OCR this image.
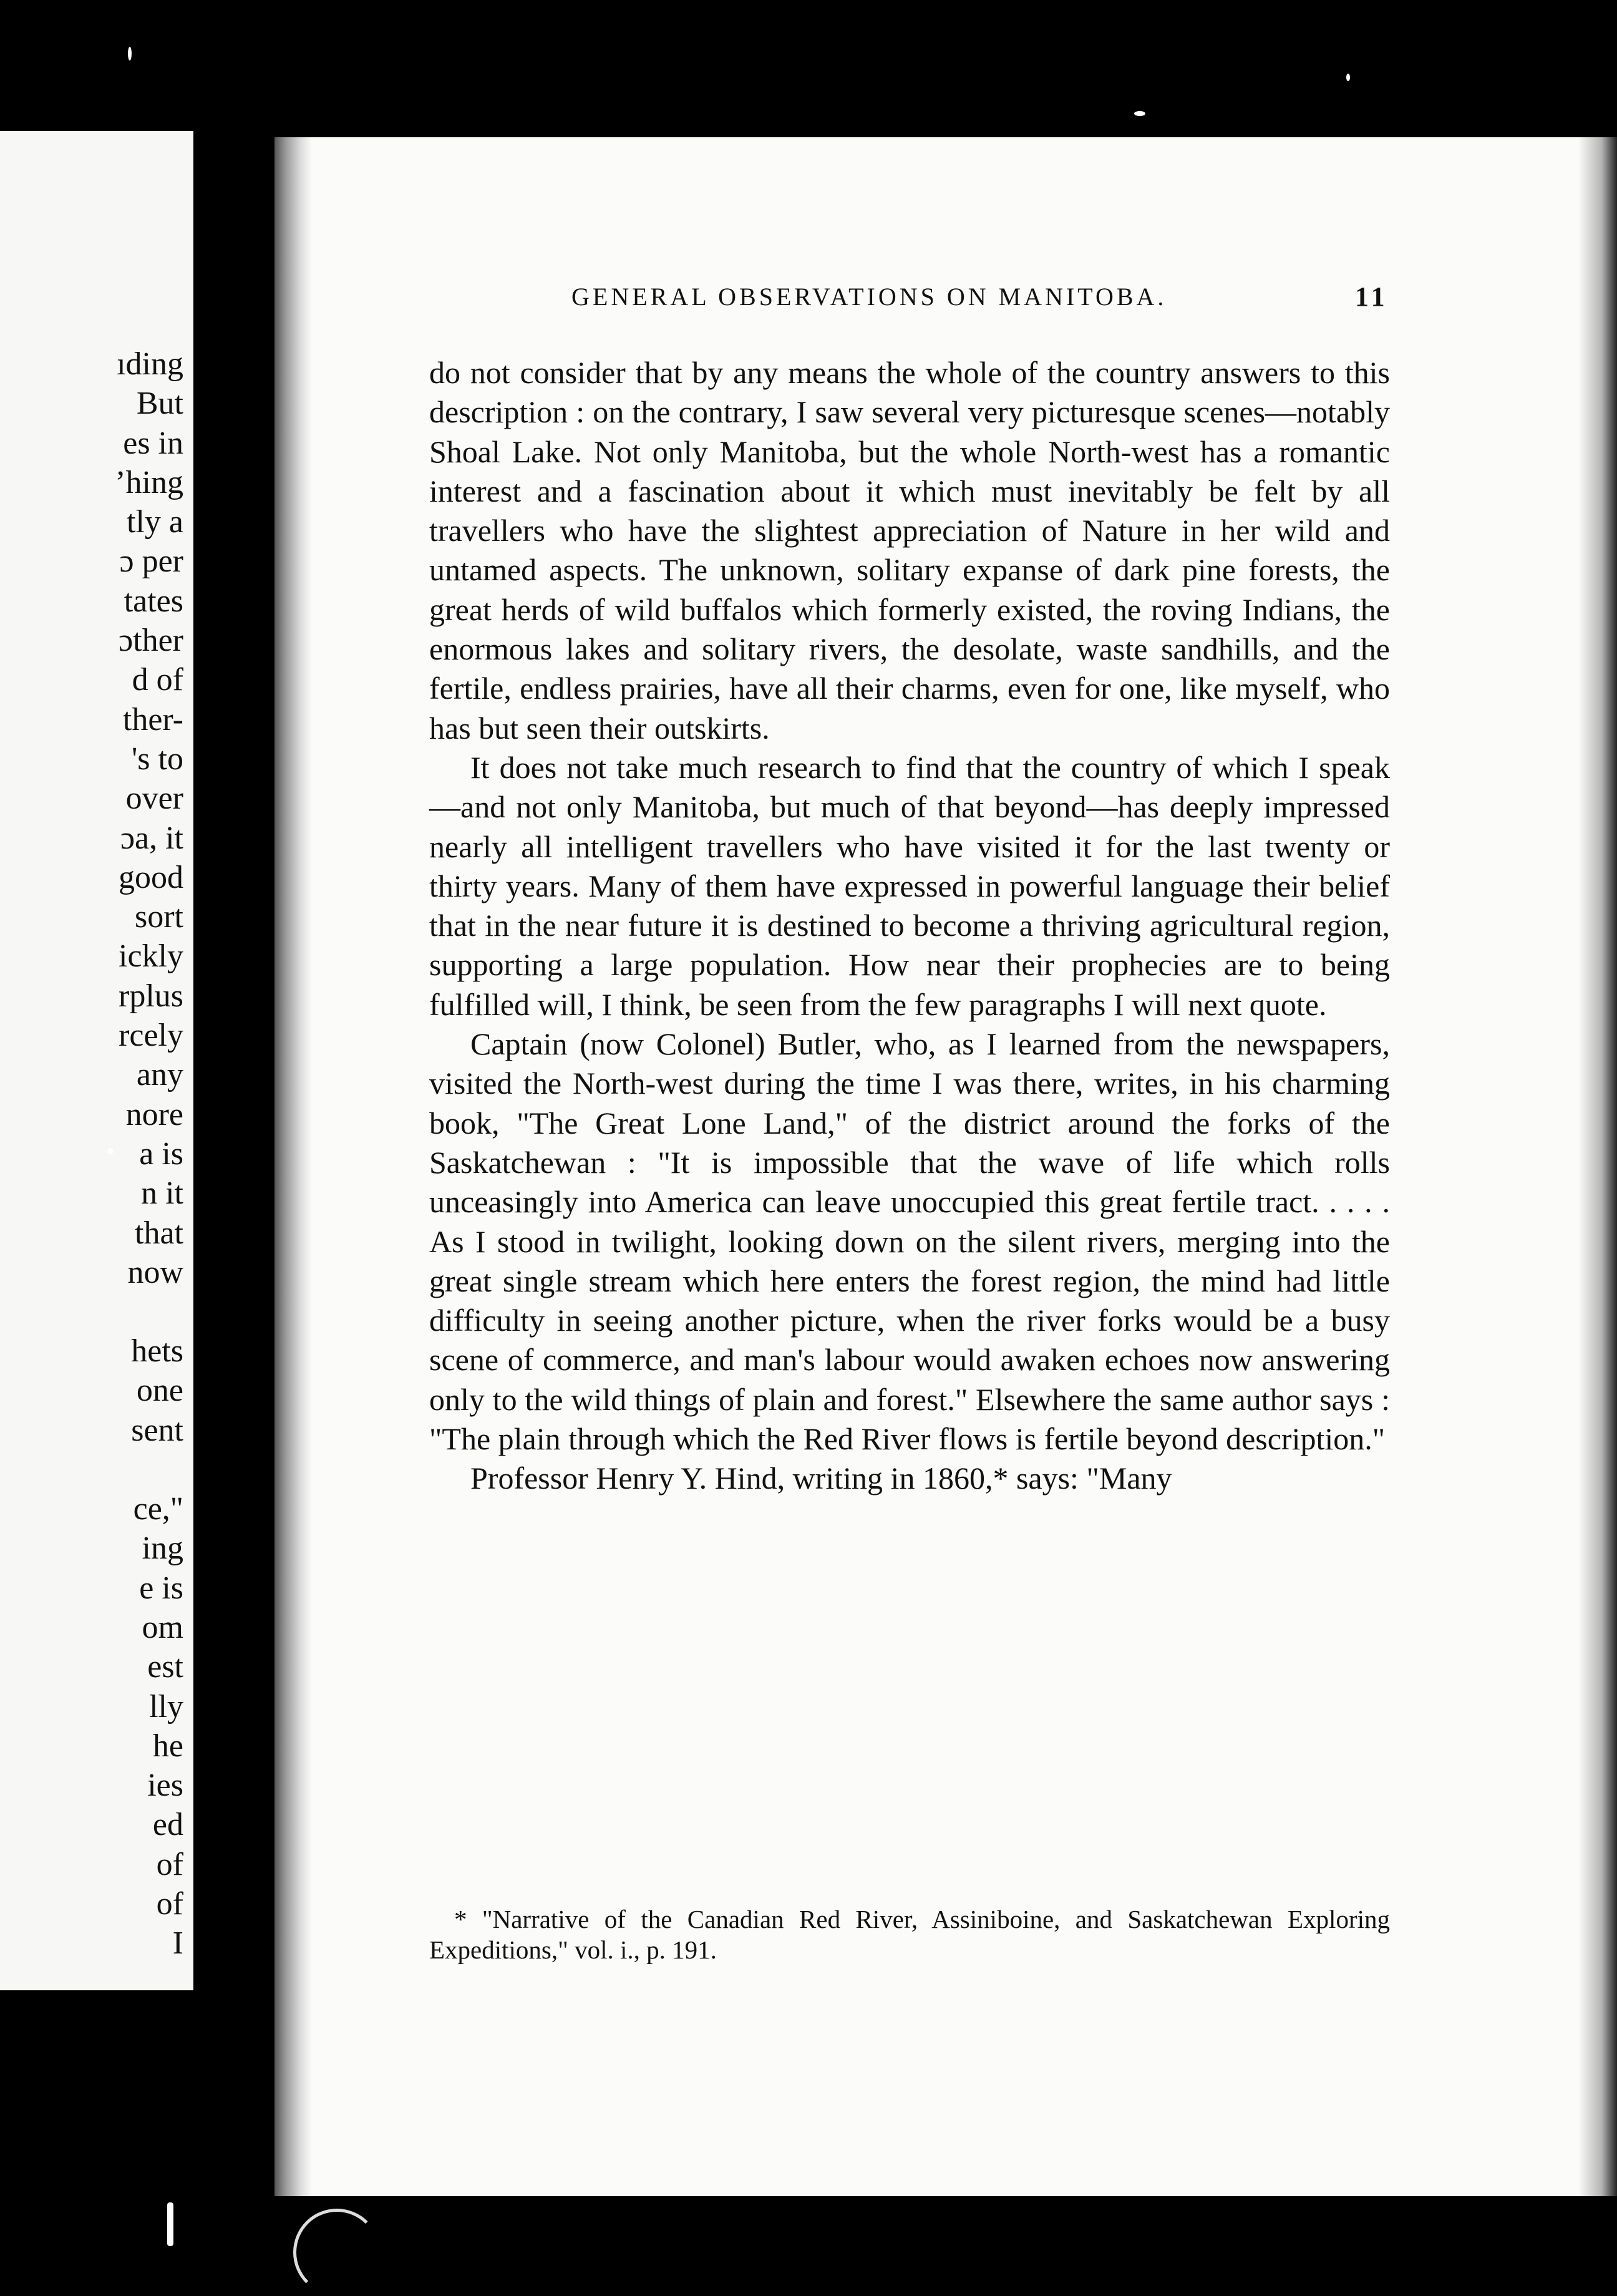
ıding
But
es in
ʼhing
tly a
ɔ per
tates
ɔther
d of
ther-
's to
over
ɔa, it
good
sort
ickly
rplus
rcely
any
nore
a is
n it
that
now
hets
one
sent
ce,"
ing
e is
om
est
lly
he
ies
ed
of
of
I
GENERAL OBSERVATIONS ON MANITOBA.	11

do not consider that by any means the whole of the country answers to this description : on the contrary, I saw several very picturesque scenes—notably Shoal Lake. Not only Manitoba, but the whole North-west has a romantic interest and a fascination about it which must inevitably be felt by all travellers who have the slightest appreciation of Nature in her wild and untamed aspects. The unknown, solitary expanse of dark pine forests, the great herds of wild buffalos which formerly existed, the roving Indians, the enormous lakes and solitary rivers, the desolate, waste sandhills, and the fertile, endless prairies, have all their charms, even for one, like myself, who has but seen their outskirts.

It does not take much research to find that the country of which I speak—and not only Manitoba, but much of that beyond—has deeply impressed nearly all intelligent travellers who have visited it for the last twenty or thirty years. Many of them have expressed in powerful language their belief that in the near future it is destined to become a thriving agricultural region, supporting a large population. How near their prophecies are to being fulfilled will, I think, be seen from the few paragraphs I will next quote.

Captain (now Colonel) Butler, who, as I learned from the newspapers, visited the North-west during the time I was there, writes, in his charming book, "The Great Lone Land," of the district around the forks of the Saskatchewan : "It is impossible that the wave of life which rolls unceasingly into America can leave unoccupied this great fertile tract. . . . . As I stood in twilight, looking down on the silent rivers, merging into the great single stream which here enters the forest region, the mind had little difficulty in seeing another picture, when the river forks would be a busy scene of commerce, and man's labour would awaken echoes now answering only to the wild things of plain and forest." Elsewhere the same author says : "The plain through which the Red River flows is fertile beyond description."

Professor Henry Y. Hind, writing in 1860,* says: "Many

* "Narrative of the Canadian Red River, Assiniboine, and Saskatchewan Exploring Expeditions," vol. i., p. 191.
